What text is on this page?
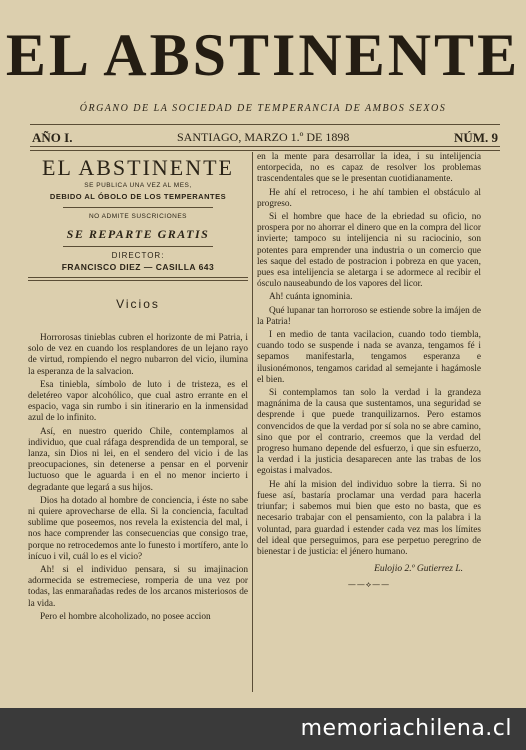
EL ABSTINENTE
ÓRGANO DE LA SOCIEDAD DE TEMPERANCIA DE AMBOS SEXOS
AÑO I.	SANTIAGO, MARZO 1.º DE 1898	NÚM. 9
EL ABSTINENTE
SE PUBLICA UNA VEZ AL MES,
DEBIDO AL ÓBOLO DE LOS TEMPERANTES
NO ADMITE SUSCRICIONES
SE REPARTE GRATIS
DIRECTOR:
FRANCISCO DIEZ — CASILLA 643
Vicios

Horrorosas tinieblas cubren el horizonte de mi Patria, i solo de vez en cuando los resplandores de un lejano rayo de virtud, rompiendo el negro nubarron del vicio, ilumina la esperanza de la salvacion.

Esa tiniebla, símbolo de luto i de tristeza, es el deletéreo vapor alcohólico, que cual astro errante en el espacio, vaga sin rumbo i sin itinerario en la inmensidad azul de lo infinito.

Así, en nuestro querido Chile, contemplamos al individuo, que cual ráfaga desprendida de un temporal, se lanza, sin Dios ni lei, en el sendero del vicio i de las preocupaciones, sin detenerse a pensar en el porvenir luctuoso que le aguarda i en el no menor incierto i degradante que legará a sus hijos.

Dios ha dotado al hombre de conciencia, i éste no sabe ni quiere aprovecharse de ella. Si la conciencia, facultad sublime que poseemos, nos revela la existencia del mal, i nos hace comprender las consecuencias que consigo trae, porque no retrocedemos ante lo funesto i mortífero, ante lo inícuo i vil, cuál lo es el vicio?

Ah! si el individuo pensara, si su imajinacion adormecida se estremeciese, romperia de una vez por todas, las enmarañadas redes de los arcanos misteriosos de la vida.

Pero el hombre alcoholizado, no posee accion

en la mente para desarrollar la idea, i su intelijencia entorpecida, no es capaz de resolver los problemas trascendentales que se le presentan cuotidianamente.

He ahí el retroceso, i he ahí tambien el obstáculo al progreso.

Si el hombre que hace de la ebriedad su oficio, no prospera por no ahorrar el dinero que en la compra del licor invierte; tampoco su intelijencia ni su raciocinio, son potentes para emprender una industria o un comercio que les saque del estado de postracion i pobreza en que yacen, pues esa intelijencia se aletarga i se adormece al recibir el ósculo nauseabundo de los vapores del licor.

Ah! cuánta ignominia.

Qué lupanar tan horroroso se estiende sobre la imájen de la Patria!

I en medio de tanta vacilacion, cuando todo tiembla, cuando todo se suspende i nada se avanza, tengamos fé i sepamos manifestarla, tengamos esperanza e ilusionémonos, tengamos caridad al semejante i hagámosle el bien.

Si contemplamos tan solo la verdad i la grandeza magnánima de la causa que sustentamos, una seguridad se desprende i que puede tranquilizarnos. Pero estamos convencidos de que la verdad por sí sola no se abre camino, sino que por el contrario, creemos que la verdad del progreso humano depende del esfuerzo, i que sin esfuerzo, la verdad i la justicia desaparecen ante las trabas de los egoistas i malvados.

He ahí la mision del individuo sobre la tierra. Si no fuese así, bastaría proclamar una verdad para hacerla triunfar; i sabemos mui bien que esto no basta, que es necesario trabajar con el pensamiento, con la palabra i la voluntad, para guardad i estender cada vez mas los límites del ideal que perseguimos, para ese perpetuo peregrino de bienestar i de justicia: el jénero humano.

Eulojio 2.º Gutierrez L.
——⟡——
memoriachilena.cl
